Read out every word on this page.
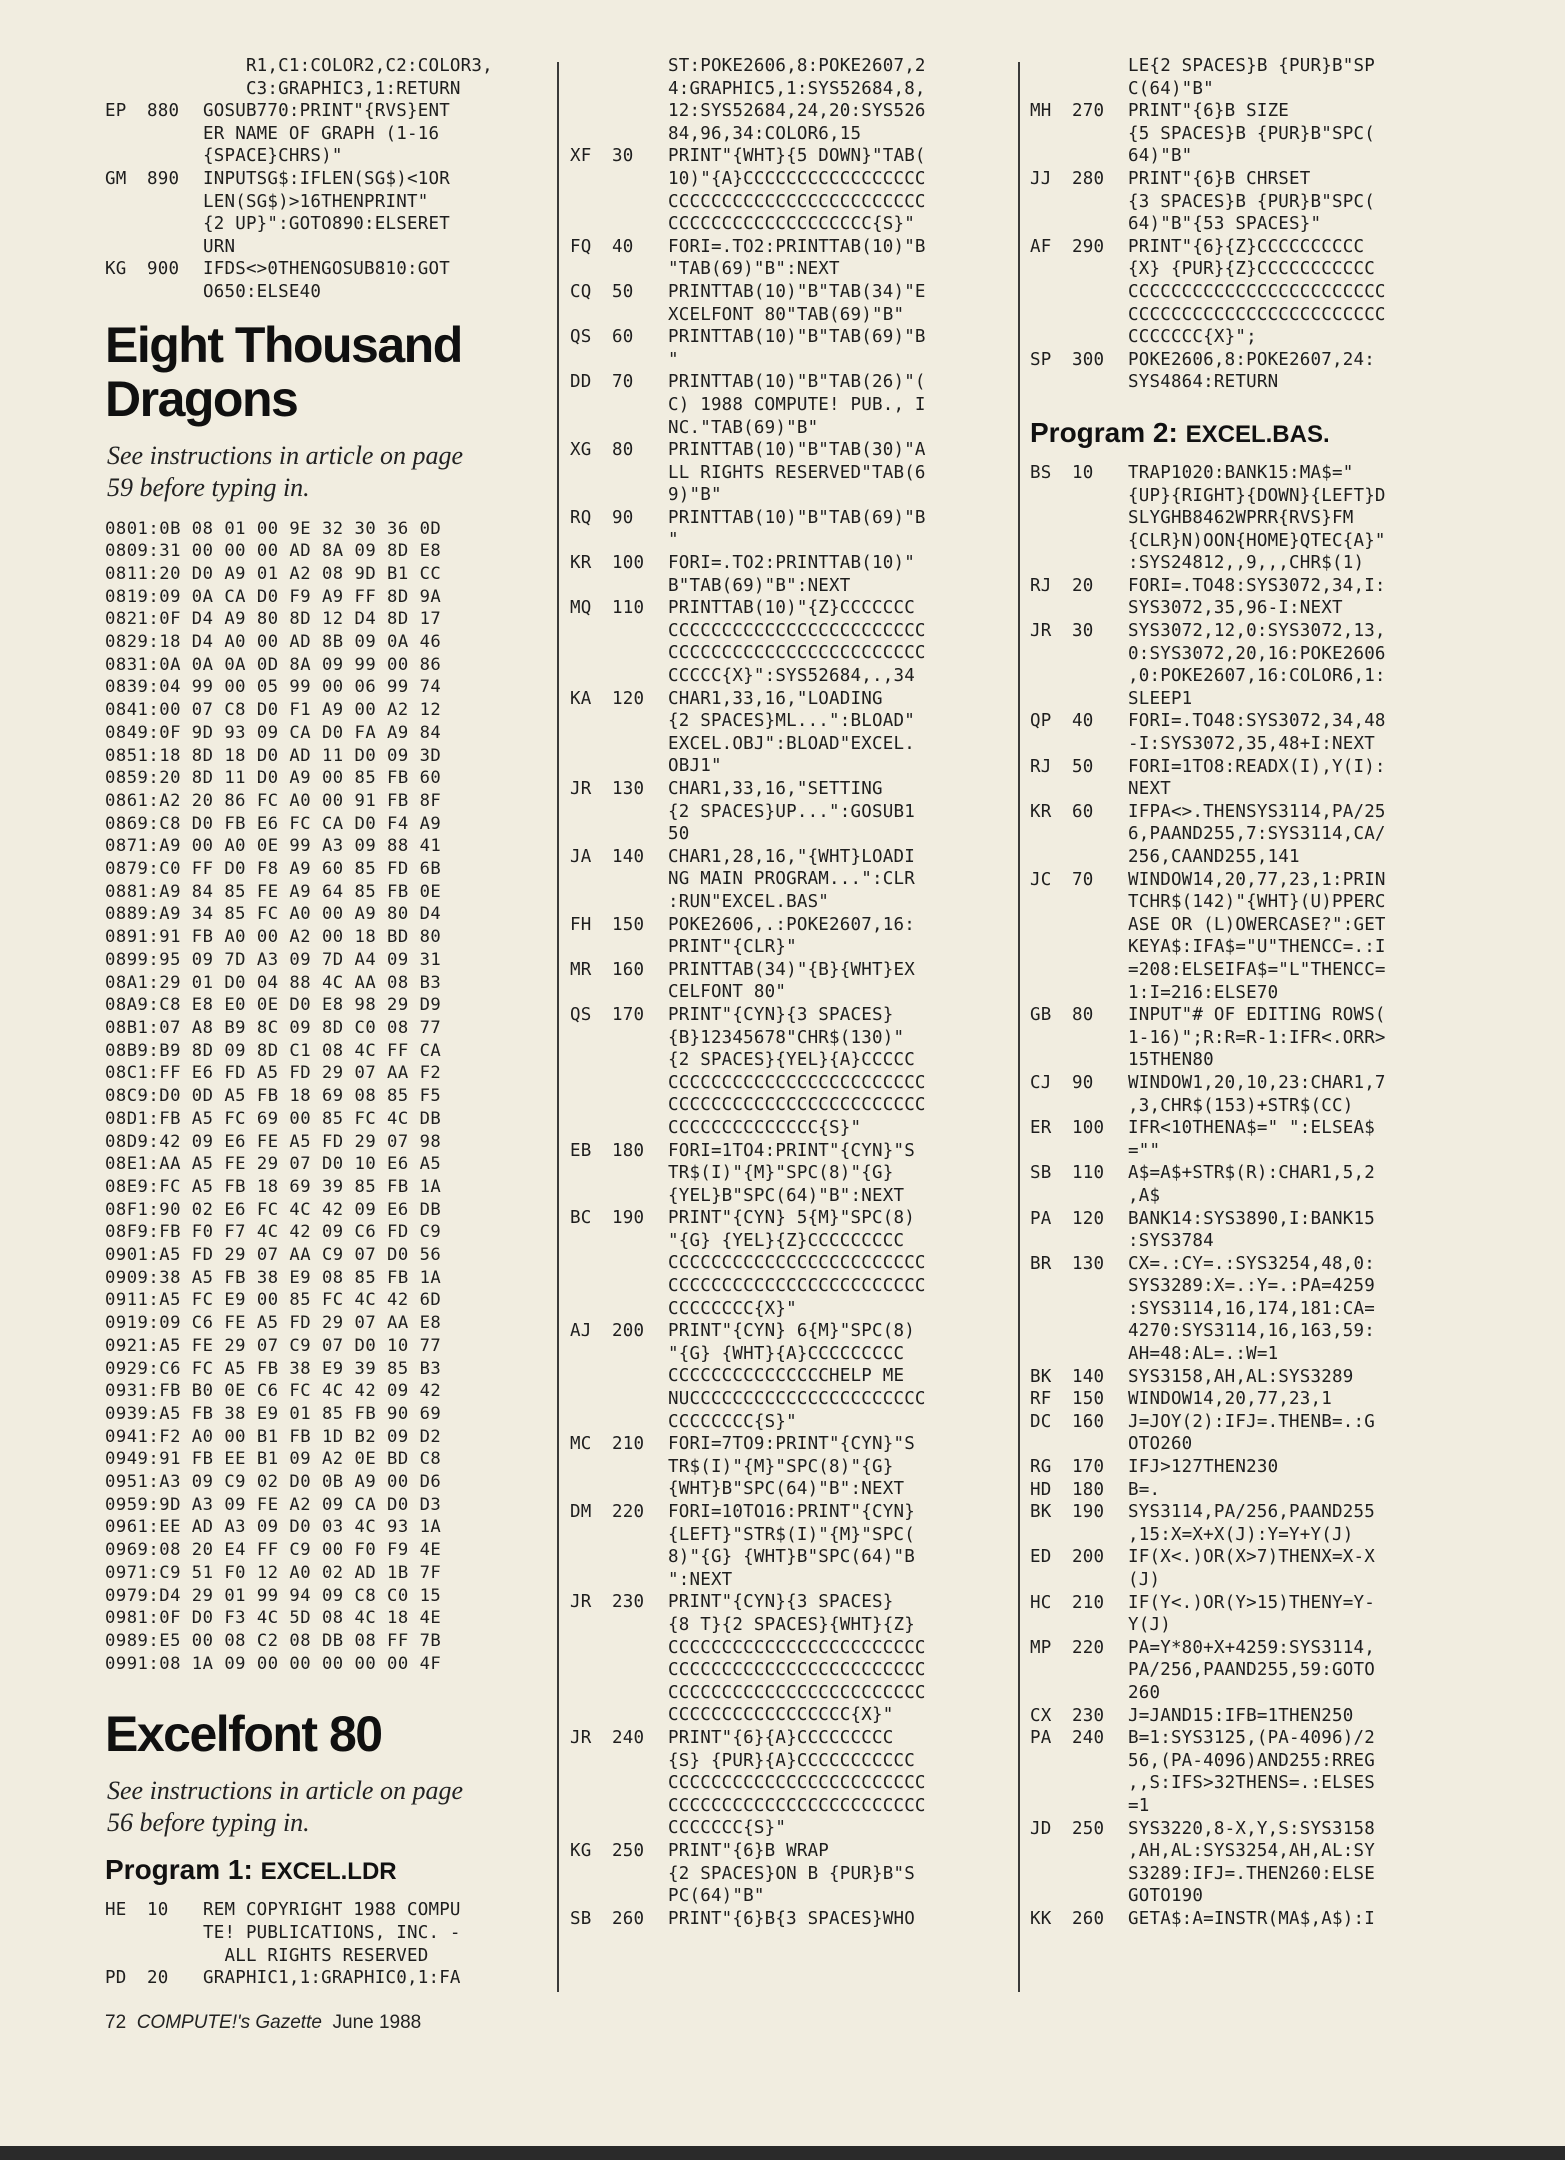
R1,C1:COLOR2,C2:COLOR3,
C3:GRAPHIC3,1:RETURN
EP	880	GOSUB770:PRINT"{RVS}ENT
ER NAME OF GRAPH (1-16
{SPACE}CHRS)"
GM	890	INPUTSG$:IFLEN(SG$)<1OR
LEN(SG$)>16THENPRINT"
{2 UP}":GOTO890:ELSERET
URN
KG	900	IFDS<>0THENGOSUB810:GOT
O650:ELSE40
Eight Thousand
Dragons
See instructions in article on page
59 before typing in.
0801:0B 08 01 00 9E 32 30 36 0D
0809:31 00 00 00 AD 8A 09 8D E8
0811:20 D0 A9 01 A2 08 9D B1 CC
0819:09 0A CA D0 F9 A9 FF 8D 9A
0821:0F D4 A9 80 8D 12 D4 8D 17
0829:18 D4 A0 00 AD 8B 09 0A 46
0831:0A 0A 0A 0D 8A 09 99 00 86
0839:04 99 00 05 99 00 06 99 74
0841:00 07 C8 D0 F1 A9 00 A2 12
0849:0F 9D 93 09 CA D0 FA A9 84
0851:18 8D 18 D0 AD 11 D0 09 3D
0859:20 8D 11 D0 A9 00 85 FB 60
0861:A2 20 86 FC A0 00 91 FB 8F
0869:C8 D0 FB E6 FC CA D0 F4 A9
0871:A9 00 A0 0E 99 A3 09 88 41
0879:C0 FF D0 F8 A9 60 85 FD 6B
0881:A9 84 85 FE A9 64 85 FB 0E
0889:A9 34 85 FC A0 00 A9 80 D4
0891:91 FB A0 00 A2 00 18 BD 80
0899:95 09 7D A3 09 7D A4 09 31
08A1:29 01 D0 04 88 4C AA 08 B3
08A9:C8 E8 E0 0E D0 E8 98 29 D9
08B1:07 A8 B9 8C 09 8D C0 08 77
08B9:B9 8D 09 8D C1 08 4C FF CA
08C1:FF E6 FD A5 FD 29 07 AA F2
08C9:D0 0D A5 FB 18 69 08 85 F5
08D1:FB A5 FC 69 00 85 FC 4C DB
08D9:42 09 E6 FE A5 FD 29 07 98
08E1:AA A5 FE 29 07 D0 10 E6 A5
08E9:FC A5 FB 18 69 39 85 FB 1A
08F1:90 02 E6 FC 4C 42 09 E6 DB
08F9:FB F0 F7 4C 42 09 C6 FD C9
0901:A5 FD 29 07 AA C9 07 D0 56
0909:38 A5 FB 38 E9 08 85 FB 1A
0911:A5 FC E9 00 85 FC 4C 42 6D
0919:09 C6 FE A5 FD 29 07 AA E8
0921:A5 FE 29 07 C9 07 D0 10 77
0929:C6 FC A5 FB 38 E9 39 85 B3
0931:FB B0 0E C6 FC 4C 42 09 42
0939:A5 FB 38 E9 01 85 FB 90 69
0941:F2 A0 00 B1 FB 1D B2 09 D2
0949:91 FB EE B1 09 A2 0E BD C8
0951:A3 09 C9 02 D0 0B A9 00 D6
0959:9D A3 09 FE A2 09 CA D0 D3
0961:EE AD A3 09 D0 03 4C 93 1A
0969:08 20 E4 FF C9 00 F0 F9 4E
0971:C9 51 F0 12 A0 02 AD 1B 7F
0979:D4 29 01 99 94 09 C8 C0 15
0981:0F D0 F3 4C 5D 08 4C 18 4E
0989:E5 00 08 C2 08 DB 08 FF 7B
0991:08 1A 09 00 00 00 00 00 4F
Excelfont 80
See instructions in article on page
56 before typing in.
Program 1: EXCEL.LDR
HE	10	REM COPYRIGHT 1988 COMPU
TE! PUBLICATIONS, INC. -
ALL RIGHTS RESERVED
PD	20	GRAPHIC1,1:GRAPHIC0,1:FA
ST:POKE2606,8:POKE2607,2
4:GRAPHIC5,1:SYS52684,8,
12:SYS52684,24,20:SYS526
84,96,34:COLOR6,15
XF	30	PRINT"{WHT}{5 DOWN}"TAB(
10)"{A}CCCCCCCCCCCCCCCCC
CCCCCCCCCCCCCCCCCCCCCCCC
CCCCCCCCCCCCCCCCCCC{S}"
FQ	40	FORI=.TO2:PRINTTAB(10)"B
"TAB(69)"B":NEXT
CQ	50	PRINTTAB(10)"B"TAB(34)"E
XCELFONT 80"TAB(69)"B"
QS	60	PRINTTAB(10)"B"TAB(69)"B
"
DD	70	PRINTTAB(10)"B"TAB(26)"(
C) 1988 COMPUTE! PUB., I
NC."TAB(69)"B"
XG	80	PRINTTAB(10)"B"TAB(30)"A
LL RIGHTS RESERVED"TAB(6
9)"B"
RQ	90	PRINTTAB(10)"B"TAB(69)"B
"
KR	100	FORI=.TO2:PRINTTAB(10)"
B"TAB(69)"B":NEXT
MQ	110	PRINTTAB(10)"{Z}CCCCCCC
CCCCCCCCCCCCCCCCCCCCCCCC
CCCCCCCCCCCCCCCCCCCCCCCC
CCCCC{X}":SYS52684,.,34
KA	120	CHAR1,33,16,"LOADING
{2 SPACES}ML...":BLOAD"
EXCEL.OBJ":BLOAD"EXCEL.
OBJ1"
JR	130	CHAR1,33,16,"SETTING
{2 SPACES}UP...":GOSUB1
50
JA	140	CHAR1,28,16,"{WHT}LOADI
NG MAIN PROGRAM...":CLR
:RUN"EXCEL.BAS"
FH	150	POKE2606,.:POKE2607,16:
PRINT"{CLR}"
MR	160	PRINTTAB(34)"{B}{WHT}EX
CELFONT 80"
QS	170	PRINT"{CYN}{3 SPACES}
{B}12345678"CHR$(130)"
{2 SPACES}{YEL}{A}CCCCC
CCCCCCCCCCCCCCCCCCCCCCCC
CCCCCCCCCCCCCCCCCCCCCCCC
CCCCCCCCCCCCCC{S}"
EB	180	FORI=1TO4:PRINT"{CYN}"S
TR$(I)"{M}"SPC(8)"{G}
{YEL}B"SPC(64)"B":NEXT
BC	190	PRINT"{CYN} 5{M}"SPC(8)
"{G} {YEL}{Z}CCCCCCCCC
CCCCCCCCCCCCCCCCCCCCCCCC
CCCCCCCCCCCCCCCCCCCCCCCC
CCCCCCCC{X}"
AJ	200	PRINT"{CYN} 6{M}"SPC(8)
"{G} {WHT}{A}CCCCCCCCC
CCCCCCCCCCCCCCCHELP ME
NUCCCCCCCCCCCCCCCCCCCCCC
CCCCCCCC{S}"
MC	210	FORI=7TO9:PRINT"{CYN}"S
TR$(I)"{M}"SPC(8)"{G}
{WHT}B"SPC(64)"B":NEXT
DM	220	FORI=10TO16:PRINT"{CYN}
{LEFT}"STR$(I)"{M}"SPC(
8)"{G} {WHT}B"SPC(64)"B
":NEXT
JR	230	PRINT"{CYN}{3 SPACES}
{8 T}{2 SPACES}{WHT}{Z}
CCCCCCCCCCCCCCCCCCCCCCCC
CCCCCCCCCCCCCCCCCCCCCCCC
CCCCCCCCCCCCCCCCCCCCCCCC
CCCCCCCCCCCCCCCCC{X}"
JR	240	PRINT"{6}{A}CCCCCCCCC
{S} {PUR}{A}CCCCCCCCCCC
CCCCCCCCCCCCCCCCCCCCCCCC
CCCCCCCCCCCCCCCCCCCCCCCC
CCCCCCC{S}"
KG	250	PRINT"{6}B WRAP
{2 SPACES}ON B {PUR}B"S
PC(64)"B"
SB	260	PRINT"{6}B{3 SPACES}WHO
LE{2 SPACES}B {PUR}B"SP
C(64)"B"
MH	270	PRINT"{6}B SIZE
{5 SPACES}B {PUR}B"SPC(
64)"B"
JJ	280	PRINT"{6}B CHRSET
{3 SPACES}B {PUR}B"SPC(
64)"B"{53 SPACES}"
AF	290	PRINT"{6}{Z}CCCCCCCCCC
{X} {PUR}{Z}CCCCCCCCCCC
CCCCCCCCCCCCCCCCCCCCCCCC
CCCCCCCCCCCCCCCCCCCCCCCC
CCCCCCC{X}";
SP	300	POKE2606,8:POKE2607,24:
SYS4864:RETURN
Program 2: EXCEL.BAS.
BS	10	TRAP1020:BANK15:MA$="
{UP}{RIGHT}{DOWN}{LEFT}D
SLYGHB8462WPRR{RVS}FM
{CLR}N)OON{HOME}QTEC{A}"
:SYS24812,,9,,,CHR$(1)
RJ	20	FORI=.TO48:SYS3072,34,I:
SYS3072,35,96-I:NEXT
JR	30	SYS3072,12,0:SYS3072,13,
0:SYS3072,20,16:POKE2606
,0:POKE2607,16:COLOR6,1:
SLEEP1
QP	40	FORI=.TO48:SYS3072,34,48
-I:SYS3072,35,48+I:NEXT
RJ	50	FORI=1TO8:READX(I),Y(I):
NEXT
KR	60	IFPA<>.THENSYS3114,PA/25
6,PAAND255,7:SYS3114,CA/
256,CAAND255,141
JC	70	WINDOW14,20,77,23,1:PRIN
TCHR$(142)"{WHT}(U)PPERC
ASE OR (L)OWERCASE?":GET
KEYA$:IFA$="U"THENCC=.:I
=208:ELSEIFA$="L"THENCC=
1:I=216:ELSE70
GB	80	INPUT"# OF EDITING ROWS(
1-16)";R:R=R-1:IFR<.ORR>
15THEN80
CJ	90	WINDOW1,20,10,23:CHAR1,7
,3,CHR$(153)+STR$(CC)
ER	100	IFR<10THENA$=" ":ELSEA$
=""
SB	110	A$=A$+STR$(R):CHAR1,5,2
,A$
PA	120	BANK14:SYS3890,I:BANK15
:SYS3784
BR	130	CX=.:CY=.:SYS3254,48,0:
SYS3289:X=.:Y=.:PA=4259
:SYS3114,16,174,181:CA=
4270:SYS3114,16,163,59:
AH=48:AL=.:W=1
BK	140	SYS3158,AH,AL:SYS3289
RF	150	WINDOW14,20,77,23,1
DC	160	J=JOY(2):IFJ=.THENB=.:G
OTO260
RG	170	IFJ>127THEN230
HD	180	B=.
BK	190	SYS3114,PA/256,PAAND255
,15:X=X+X(J):Y=Y+Y(J)
ED	200	IF(X<.)OR(X>7)THENX=X-X
(J)
HC	210	IF(Y<.)OR(Y>15)THENY=Y-
Y(J)
MP	220	PA=Y*80+X+4259:SYS3114,
PA/256,PAAND255,59:GOTO
260
CX	230	J=JAND15:IFB=1THEN250
PA	240	B=1:SYS3125,(PA-4096)/2
56,(PA-4096)AND255:RREG
,,S:IFS>32THENS=.:ELSES
=1
JD	250	SYS3220,8-X,Y,S:SYS3158
,AH,AL:SYS3254,AH,AL:SY
S3289:IFJ=.THEN260:ELSE
GOTO190
KK	260	GETA$:A=INSTR(MA$,A$):I
72 COMPUTE!'s Gazette June 1988
